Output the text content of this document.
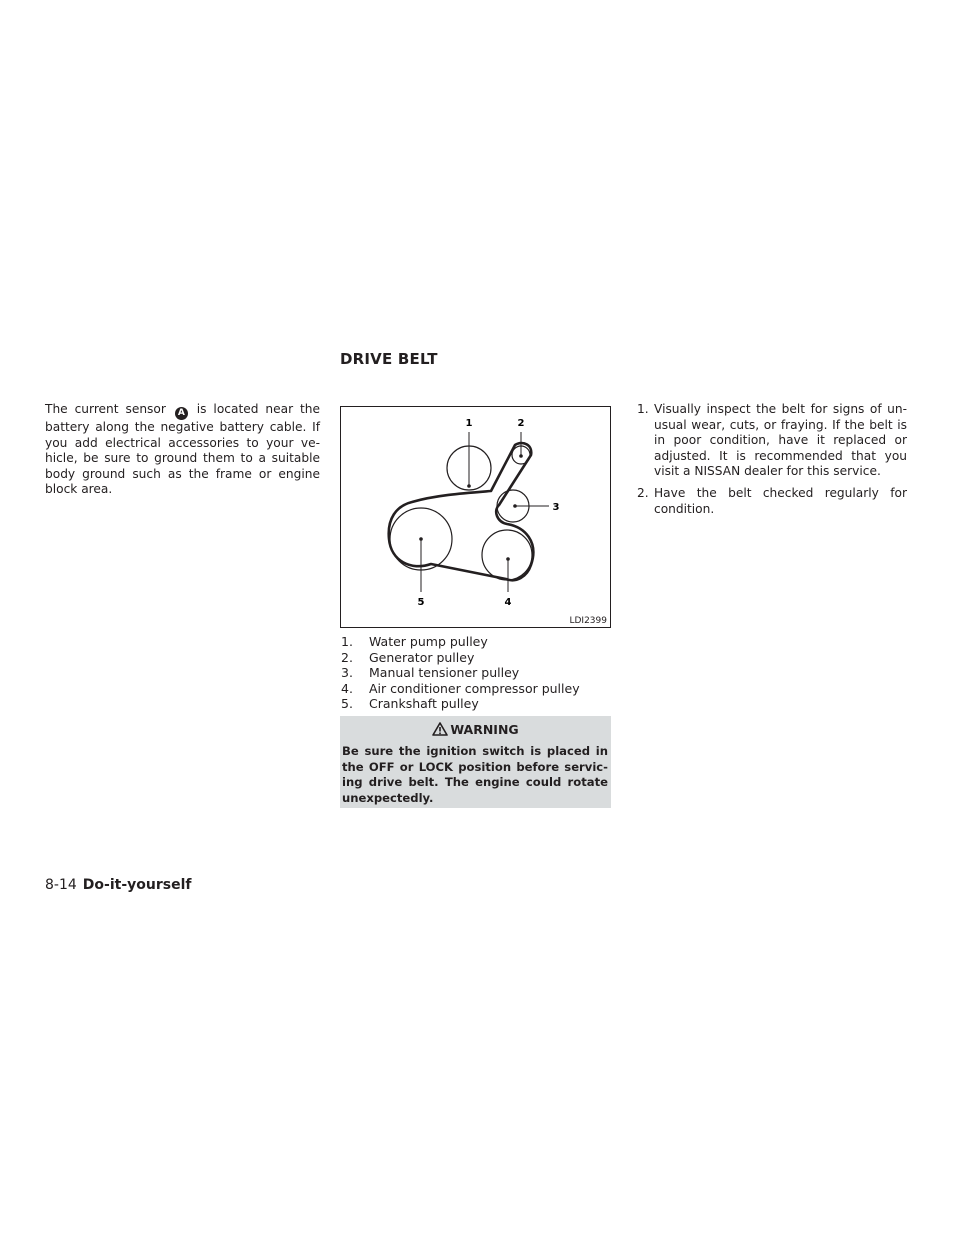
DRIVE BELT
The current sensor A is located near the battery along the negative battery cable. If you add electrical accessories to your ve-hicle, be sure to ground them to a suitable body ground such as the frame or engine block area.
1	2
3
4
5
LDI2399
1.	Water pump pulley
2.	Generator pulley
3.	Manual tensioner pulley
4.	Air conditioner compressor pulley
5.	Crankshaft pulley
WARNING
Be sure the ignition switch is placed in the OFF or LOCK position before servic-ing drive belt. The engine could rotate unexpectedly.
1. Visually inspect the belt for signs of un-usual wear, cuts, or fraying. If the belt is in poor condition, have it replaced or adjusted. It is recommended that you visit a NISSAN dealer for this service.
2. Have the belt checked regularly for condition.
8-14 Do-it-yourself
